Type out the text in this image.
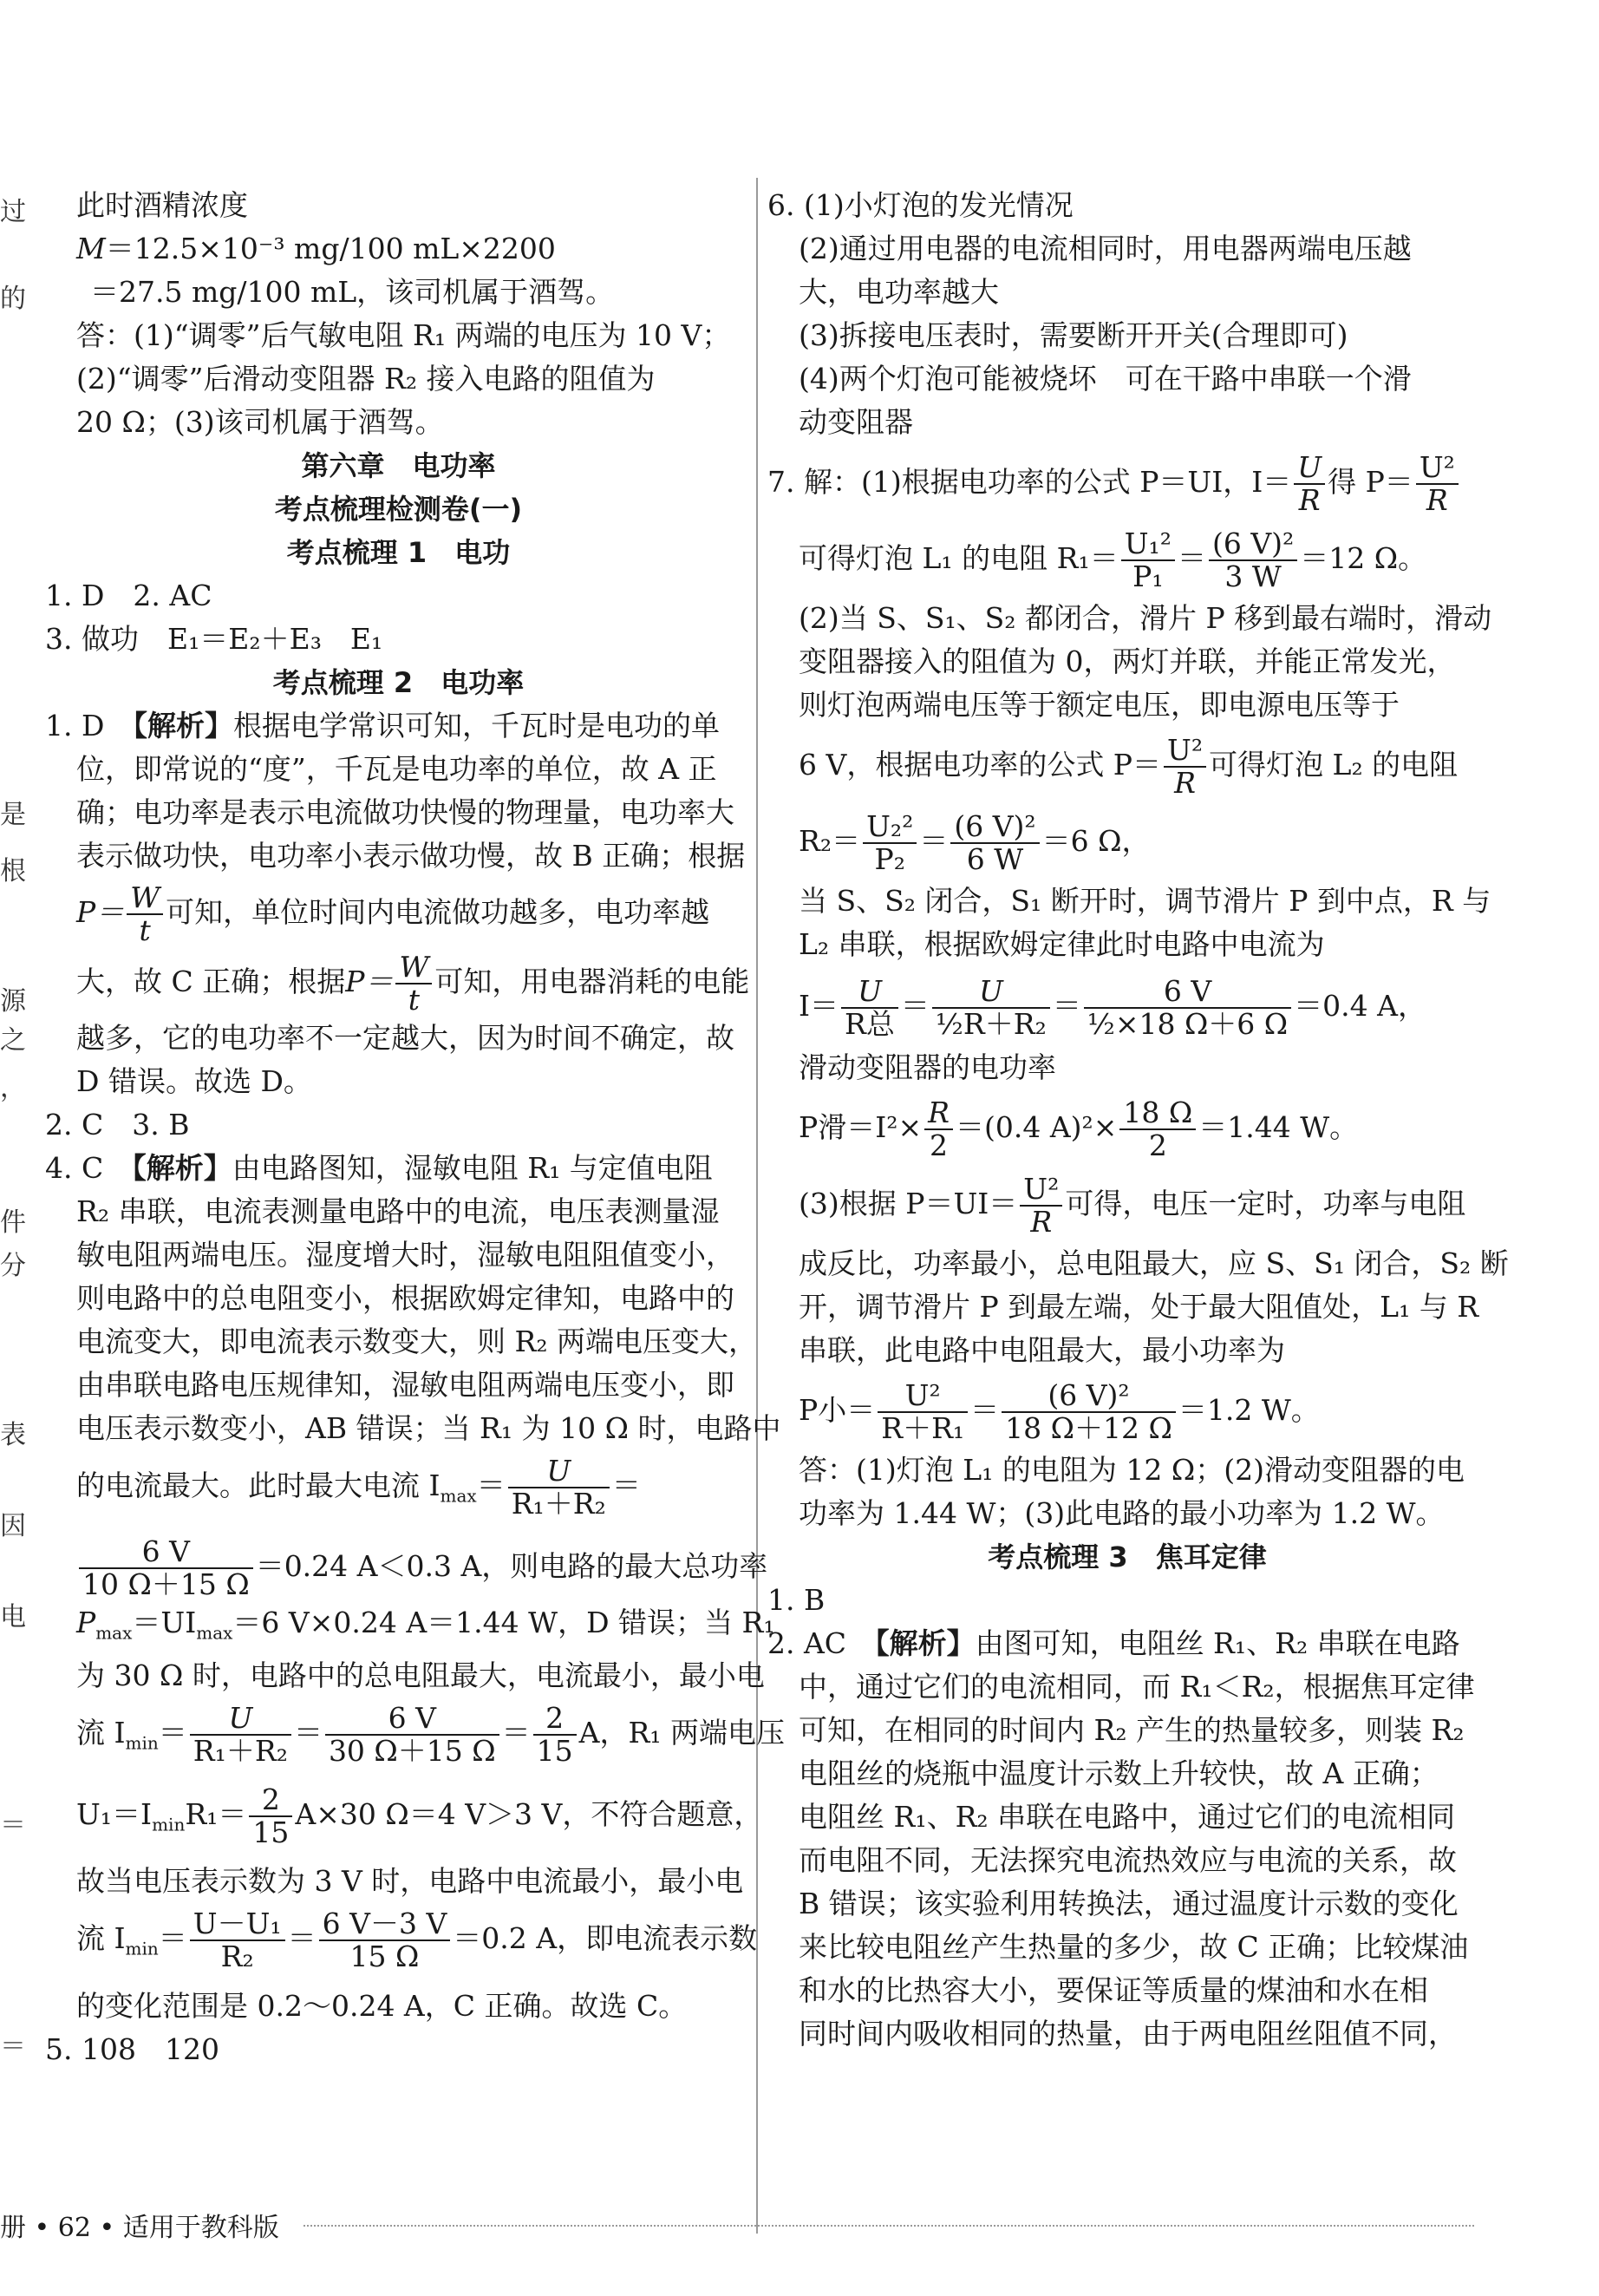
过
的
是
根
源
之
，
件
分
表
因
电
＝
＝
此时酒精浓度
M＝12.5×10⁻³ mg/100 mL×2200
＝27.5 mg/100 mL，该司机属于酒驾。
答：(1)“调零”后气敏电阻 R₁ 两端的电压为 10 V；
(2)“调零”后滑动变阻器 R₂ 接入电路的阻值为
20 Ω；(3)该司机属于酒驾。
第六章　电功率
考点梳理检测卷(一)
考点梳理 1　电功
1. D　2. AC
3. 做功　E₁＝E₂＋E₃　E₁
考点梳理 2　电功率
1. D　 【解析】根据电学常识可知，千瓦时是电功的单
位，即常说的“度”，千瓦是电功率的单位，故 A 正
确；电功率是表示电流做功快慢的物理量，电功率大
表示做功快，电功率小表示做功慢，故 B 正确；根据
$P= \frac{W}{t}$ 可知，单位时间内电流做功越多，电功率越
大，故 C 正确；根据$P= \frac{W}{t}$ 可知，用电器消耗的电能
越多，它的电功率不一定越大，因为时间不确定，故
D 错误。故选 D。
2. C　3. B
4. C　 【解析】由电路图知，湿敏电阻 R₁ 与定值电阻
R₂ 串联，电流表测量电路中的电流，电压表测量湿
敏电阻两端电压。湿度增大时，湿敏电阻阻值变小，
则电路中的总电阻变小，根据欧姆定律知，电路中的
电流变大，即电流表示数变大，则 R₂ 两端电压变大，
由串联电路电压规律知，湿敏电阻两端电压变小，即
电压表示数变小，AB 错误；当 R₁ 为 10 Ω 时，电路中
的电流最大。此时最大电流 $I_{max}= \frac{U}{\text{R₁＋R₂}}$ ＝
$\frac{6 V}{10 \Omega+15 \Omega} =0.24$ A＜0.3 A，则电路的最大总功率
$P_{max}=UI_{max}=6$ V×0.24 A＝1.44 W，D 错误；当 R₁
为 30 Ω 时，电路中的总电阻最大，电流最小，最小电
流 $I_{min}= \frac{U}{\text{R₁＋R₂}} = \frac{6 V}{30 \Omega+15 \Omega} = \frac{2}{15}$ A，R₁ 两端电压
$U_1=I_{min}R_1= \frac{2}{15} A\times 30$ Ω＝4 V＞3 V，不符合题意，
故当电压表示数为 3 V 时，电路中电流最小，最小电
流 $I_{min}= \frac{\text{U－U₁}}{\text{R₂}} = \frac{6 V-3 V}{15 \Omega} =0.2$ A，即电流表示数
的变化范围是 0.2～0.24 A，C 正确。故选 C。
5. 108　120
6. (1)小灯泡的发光情况
(2)通过用电器的电流相同时，用电器两端电压越
大，电功率越大
(3)拆接电压表时，需要断开开关(合理即可)
(4)两个灯泡可能被烧坏　可在干路中串联一个滑
动变阻器
7. 解：(1)根据电功率的公式 P＝UI，$I= \frac{U}{R}$ 得 $P= \frac{\text{U²}}{R}$
可得灯泡 L₁ 的电阻 $R_1= \frac{\text{U₁²}}{\text{P₁}} = \frac{\text{(6 V)²}}{3 W} =12$ Ω。
(2)当 S、S₁、S₂ 都闭合，滑片 P 移到最右端时，滑动
变阻器接入的阻值为 0，两灯并联，并能正常发光，
则灯泡两端电压等于额定电压，即电源电压等于
6 V，根据电功率的公式 $P= \frac{\text{U²}}{R}$ 可得灯泡 L₂ 的电阻
$R_2= \frac{\text{U₂²}}{\text{P₂}} = \frac{\text{(6 V)²}}{6 W} =6$ Ω，
当 S、S₂ 闭合，S₁ 断开时，调节滑片 P 到中点，R 与
L₂ 串联，根据欧姆定律此时电路中电流为
I＝ U
R总
＝ $\frac{U}{\text{½R＋R₂}} = \frac{6 V}{\text{½×18 Ω＋6 Ω}} =0.4$ A，
滑动变阻器的电功率
P滑$=I^2\times \frac{R}{2} =(0.4$ $A)^2\times \frac{18 \Omega}{2} =1.44$ W。
(3)根据 $P=UI= \frac{\text{U²}}{R}$ 可得，电压一定时，功率与电阻
成反比，功率最小，总电阻最大，应 S、S₁ 闭合，S₂ 断
开，调节滑片 P 到最左端，处于最大阻值处，L₁ 与 R
串联，此电路中电阻最大，最小功率为
P小＝ $\frac{\text{U²}}{\text{R＋R₁}} = \frac{\text{(6 V)²}}{18 \Omega+12 \Omega} =1.2$ W。
答：(1)灯泡 L₁ 的电阻为 12 Ω；(2)滑动变阻器的电
功率为 1.44 W；(3)此电路的最小功率为 1.2 W。
考点梳理 3　焦耳定律
1. B
2. AC　 【解析】由图可知，电阻丝 R₁、R₂ 串联在电路
中，通过它们的电流相同，而 R₁＜R₂，根据焦耳定律
可知，在相同的时间内 R₂ 产生的热量较多，则装 R₂
电阻丝的烧瓶中温度计示数上升较快，故 A 正确；
电阻丝 R₁、R₂ 串联在电路中，通过它们的电流相同
而电阻不同，无法探究电流热效应与电流的关系，故
B 错误；该实验利用转换法，通过温度计示数的变化
来比较电阻丝产生热量的多少，故 C 正确；比较煤油
和水的比热容大小，要保证等质量的煤油和水在相
同时间内吸收相同的热量，由于两电阻丝阻值不同，
册 • 62 • 适用于教科版
